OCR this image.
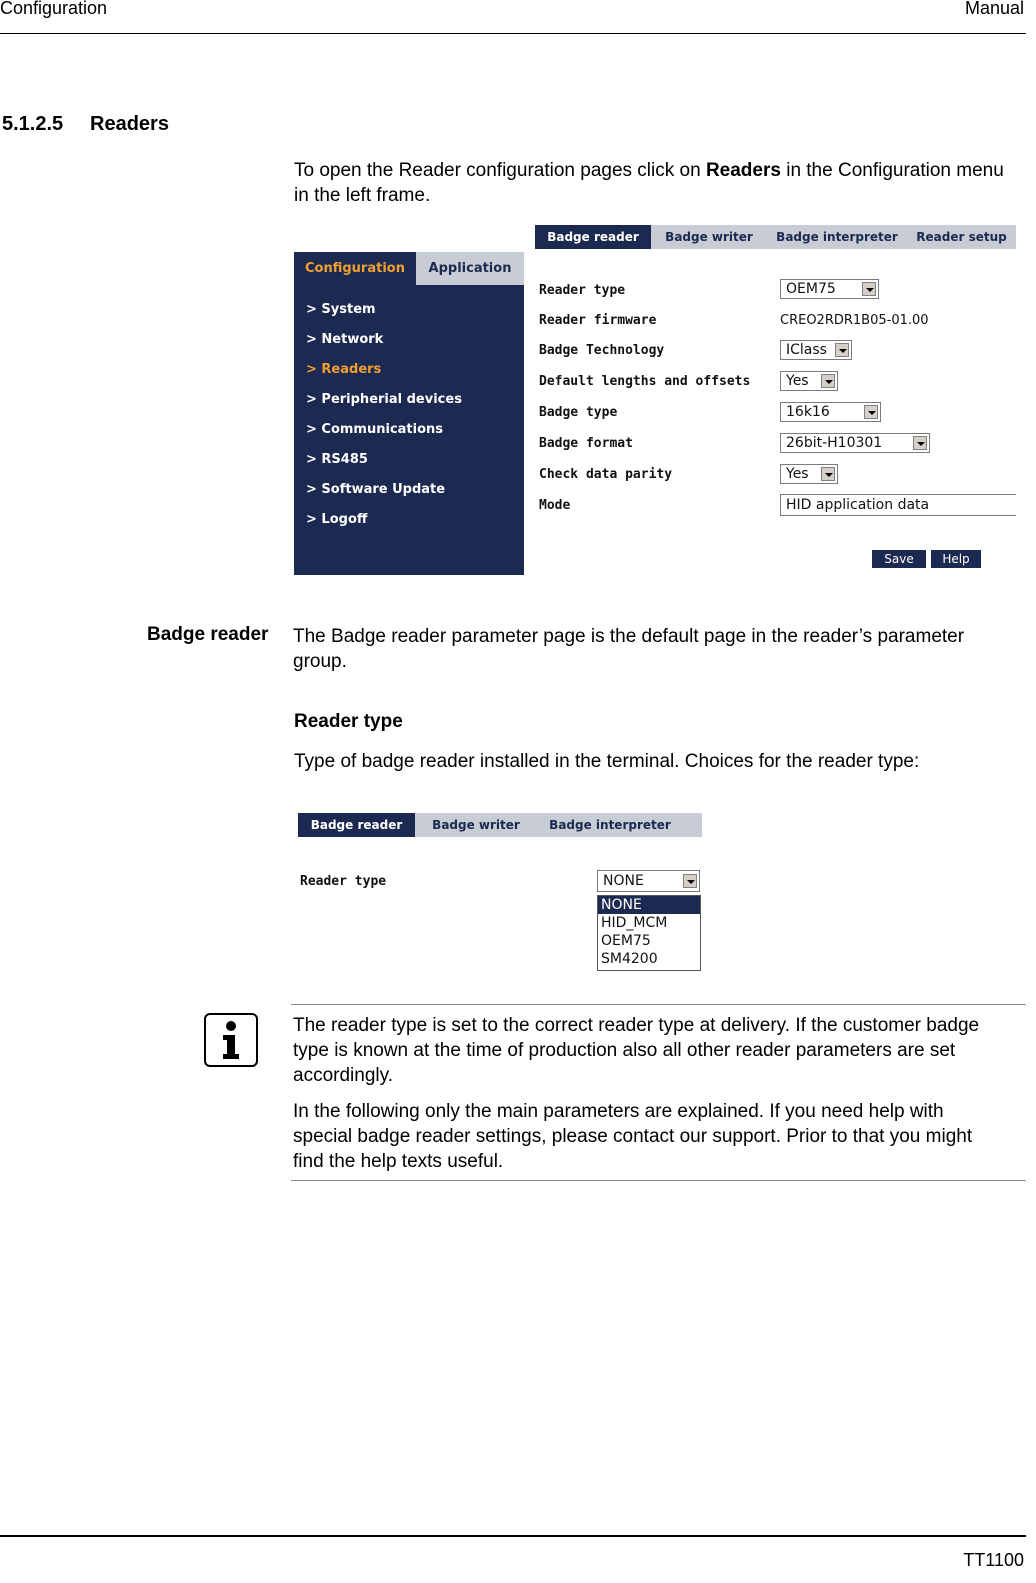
Configuration	Manual
5.1.2.5 Readers
To open the Reader configuration pages click on Readers in the Configuration menu
in the left frame.
Configuration	Application
> System
> Network
> Readers
> Peripherial devices
> Communications
> RS485
> Software Update
> Logoff
Badge reader	Badge writer	Badge interpreter	Reader setup
Reader type	OEM75
Reader firmware	CREO2RDR1B05-01.00
Badge Technology	IClass
Default lengths and offsets	Yes
Badge type	16k16
Badge format	26bit-H10301
Check data parity	Yes
Mode	HID application data
Save	Help
Badge reader The Badge reader parameter page is the default page in the reader’s parameter
group.
Reader type
Type of badge reader installed in the terminal. Choices for the reader type:
Badge reader	Badge writer	Badge interpreter
Reader type	NONE
NONE
HID_MCM
OEM75
SM4200
The reader type is set to the correct reader type at delivery. If the customer badge
type is known at the time of production also all other reader parameters are set
accordingly.
In the following only the main parameters are explained. If you need help with
special badge reader settings, please contact our support. Prior to that you might
find the help texts useful.
TT1100
